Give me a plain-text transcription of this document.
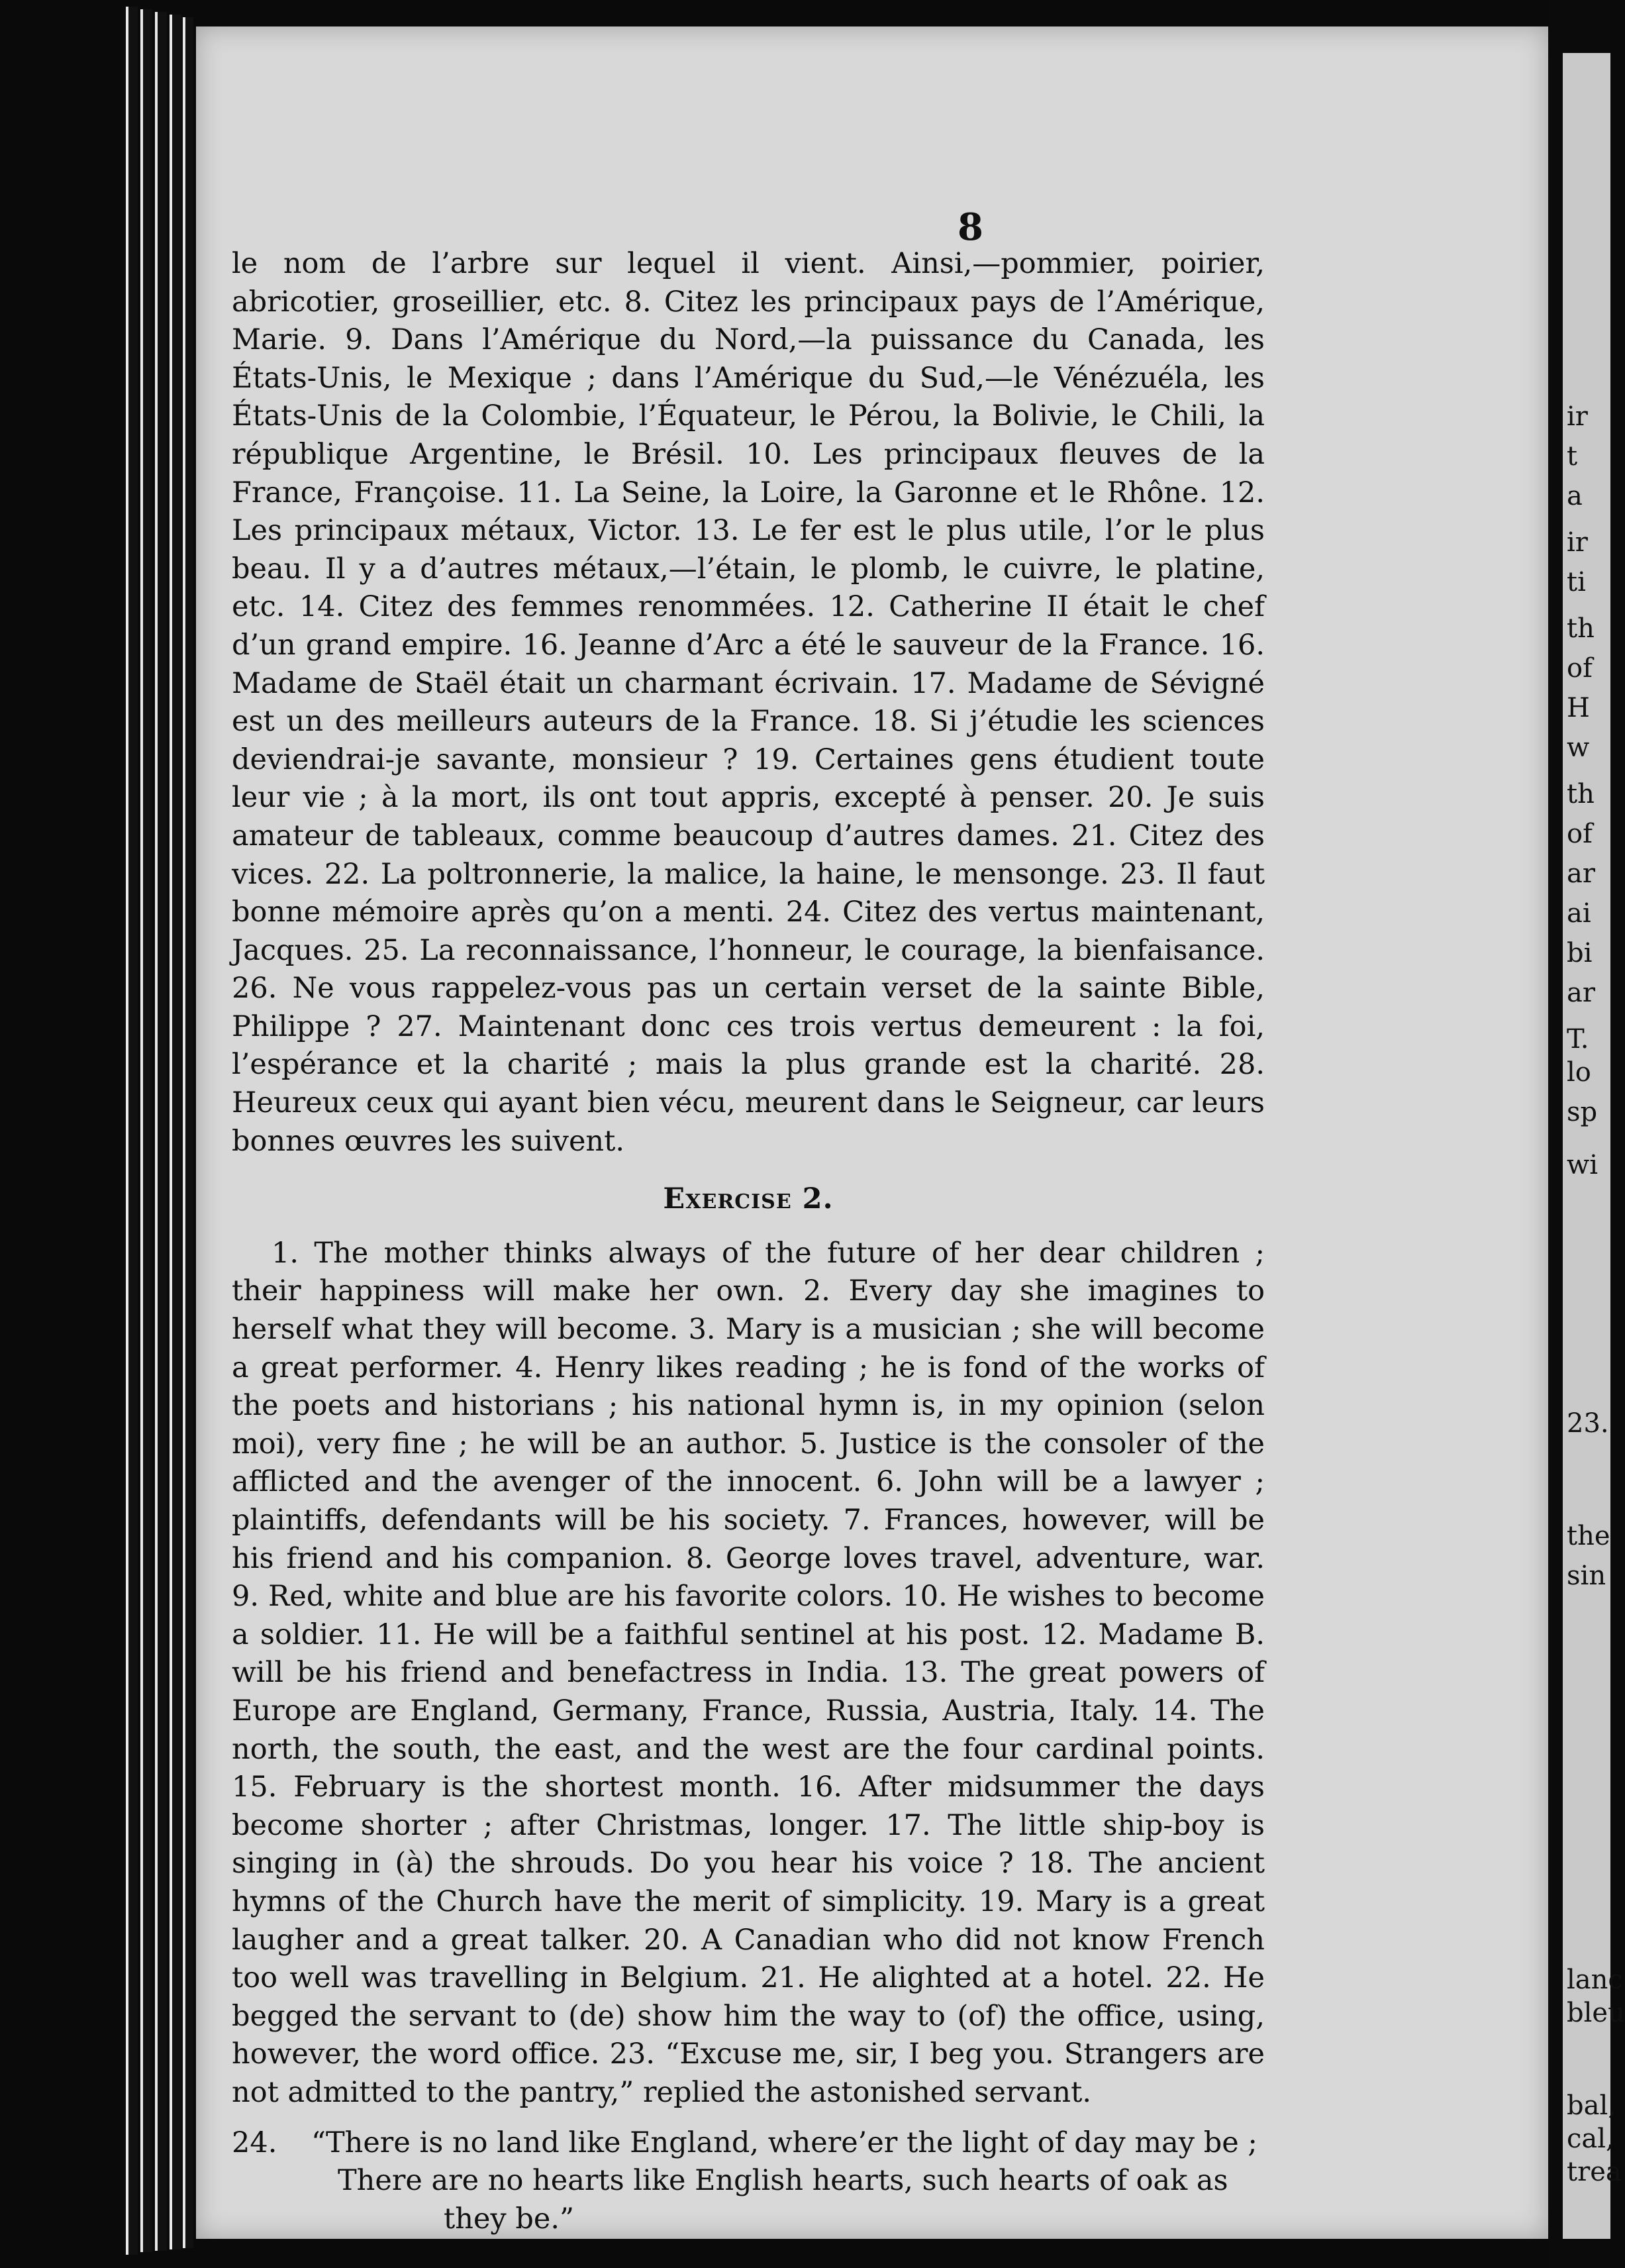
8

le nom de l’arbre sur lequel il vient. Ainsi,—pommier, poirier, abricotier, groseillier, etc. 8. Citez les principaux pays de l’Amérique, Marie. 9. Dans l’Amérique du Nord,—la puissance du Canada, les États-Unis, le Mexique ; dans l’Amérique du Sud,—le Vénézuéla, les États-Unis de la Colombie, l’Équateur, le Pérou, la Bolivie, le Chili, la république Argentine, le Brésil. 10. Les principaux fleuves de la France, Françoise. 11. La Seine, la Loire, la Garonne et le Rhône. 12. Les principaux métaux, Victor. 13. Le fer est le plus utile, l’or le plus beau. Il y a d’autres métaux,—l’étain, le plomb, le cuivre, le platine, etc. 14. Citez des femmes renommées. 12. Catherine II était le chef d’un grand empire. 16. Jeanne d’Arc a été le sauveur de la France. 16. Madame de Staël était un charmant écrivain. 17. Madame de Sévigné est un des meilleurs auteurs de la France. 18. Si j’étudie les sciences deviendrai-je savante, monsieur ? 19. Certaines gens étudient toute leur vie ; à la mort, ils ont tout appris, excepté à penser. 20. Je suis amateur de tableaux, comme beaucoup d’autres dames. 21. Citez des vices. 22. La poltronnerie, la malice, la haine, le mensonge. 23. Il faut bonne mémoire après qu’on a menti. 24. Citez des vertus maintenant, Jacques. 25. La reconnaissance, l’honneur, le courage, la bienfaisance. 26. Ne vous rappelez-vous pas un certain verset de la sainte Bible, Philippe ? 27. Maintenant donc ces trois vertus demeurent : la foi, l’espérance et la charité ; mais la plus grande est la charité. 28. Heureux ceux qui ayant bien vécu, meurent dans le Seigneur, car leurs bonnes œuvres les suivent.

Exercise 2.

1. The mother thinks always of the future of her dear children ; their happiness will make her own. 2. Every day she imagines to herself what they will become. 3. Mary is a musician ; she will become a great performer. 4. Henry likes reading ; he is fond of the works of the poets and historians ; his national hymn is, in my opinion (selon moi), very fine ; he will be an author. 5. Justice is the consoler of the afflicted and the avenger of the innocent. 6. John will be a lawyer ; plaintiffs, defendants will be his society. 7. Frances, however, will be his friend and his companion. 8. George loves travel, adventure, war. 9. Red, white and blue are his favorite colors. 10. He wishes to become a soldier. 11. He will be a faithful sentinel at his post. 12. Madame B. will be his friend and benefactress in India. 13. The great powers of Europe are England, Germany, France, Russia, Austria, Italy. 14. The north, the south, the east, and the west are the four cardinal points. 15. February is the shortest month. 16. After midsummer the days become shorter ; after Christmas, longer. 17. The little ship-boy is singing in (à) the shrouds. Do you hear his voice ? 18. The ancient hymns of the Church have the merit of simplicity. 19. Mary is a great laugher and a great talker. 20. A Canadian who did not know French too well was travelling in Belgium. 21. He alighted at a hotel. 22. He begged the servant to (de) show him the way to (of) the office, using, however, the word office. 23. “Excuse me, sir, I beg you. Strangers are not admitted to the pantry,” replied the astonished servant.

24.	“There is no land like England, where’er the light of day may be ;
There are no hearts like English hearts, such hearts of oak as
they be.”
ir
t
a
ir
ti
th
of
H
w
th
of
ar
ai
bi
ar
T.
lo
sp
wi
23.
the
sin
lanc
bleu
bal,
cal,
trea
